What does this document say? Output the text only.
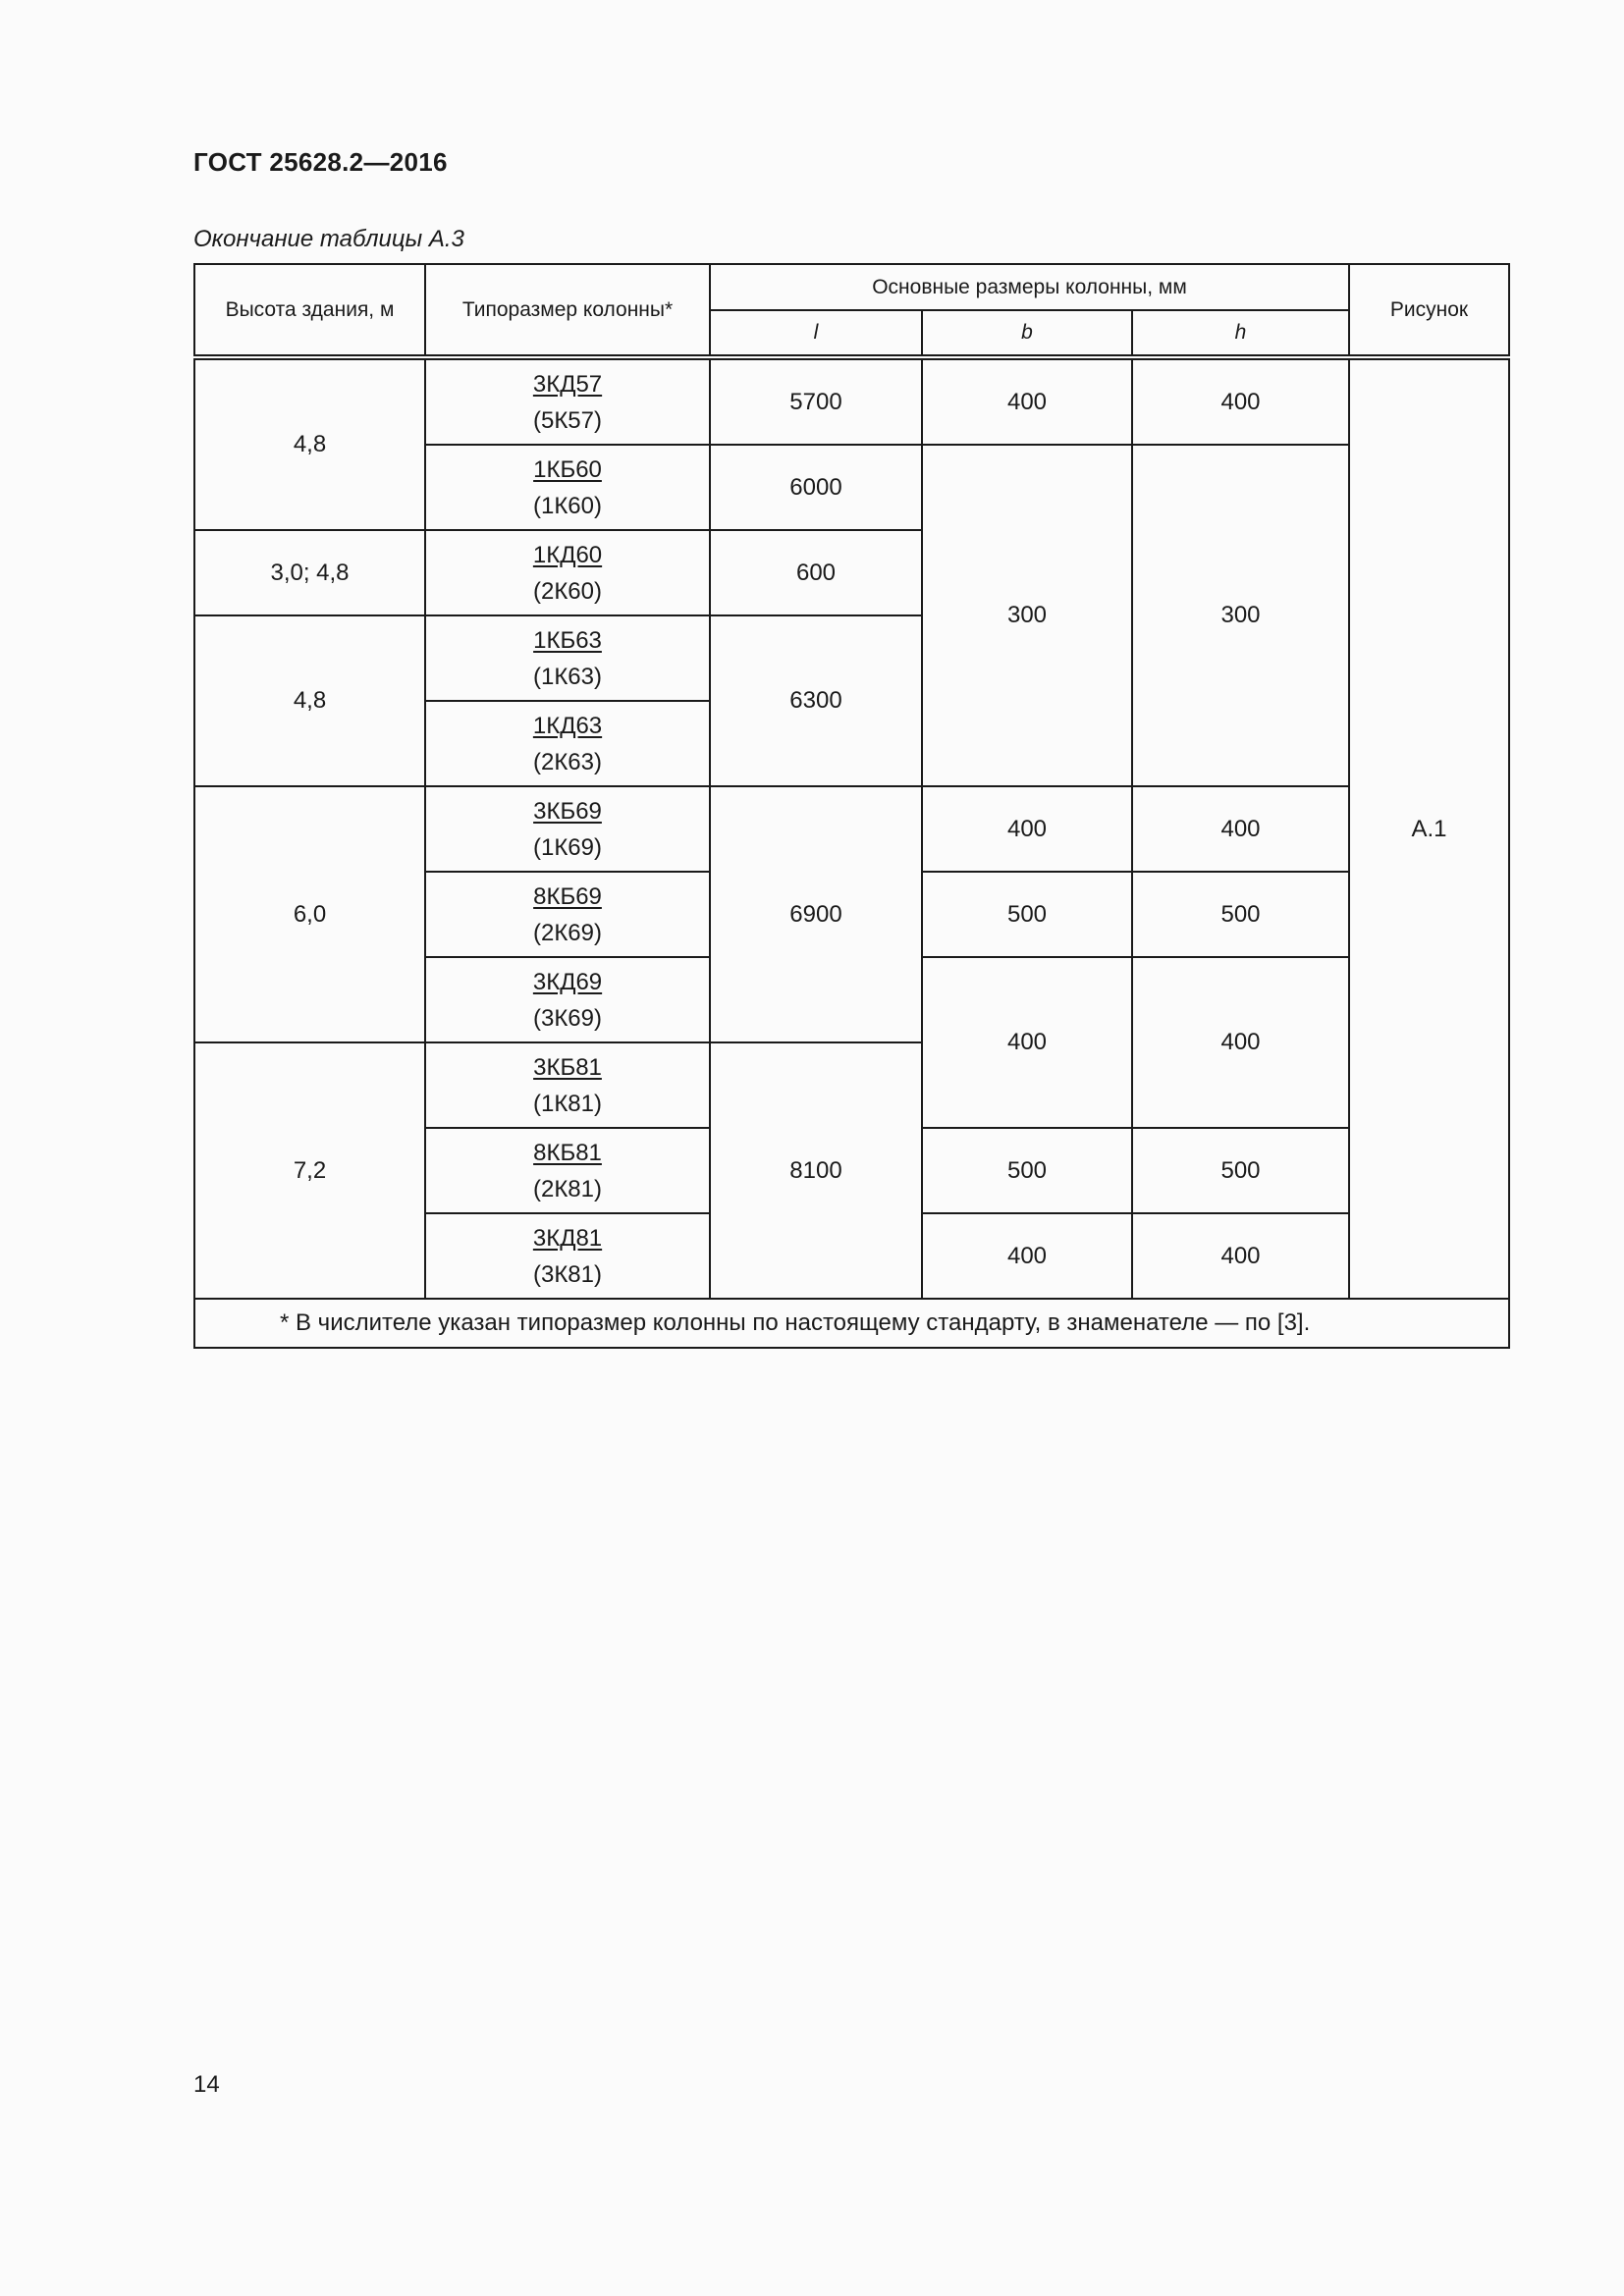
ГОСТ 25628.2—2016
Окончание таблицы А.3
Высота здания, м	Типоразмер колонны*	Основные размеры колонны, мм			Рисунок
		l	b	h	
4,8	3КД57
(5К57)	5700	400	400	А.1
	1КБ60
(1К60)	6000	300	300	
3,0; 4,8	1КД60
(2К60)	600			
4,8	1КБ63
(1К63)	6300			
	1КД63
(2К63)				
6,0	3КБ69
(1К69)	6900	400	400	
	8КБ69
(2К69)		500	500	
	3КД69
(3К69)		400	400	
7,2	3КБ81
(1К81)	8100			
	8КБ81
(2К81)		500	500	
	3КД81
(3К81)		400	400	
* В числителе указан типоразмер колонны по настоящему стандарту, в знаменателе — по [3].					
14
